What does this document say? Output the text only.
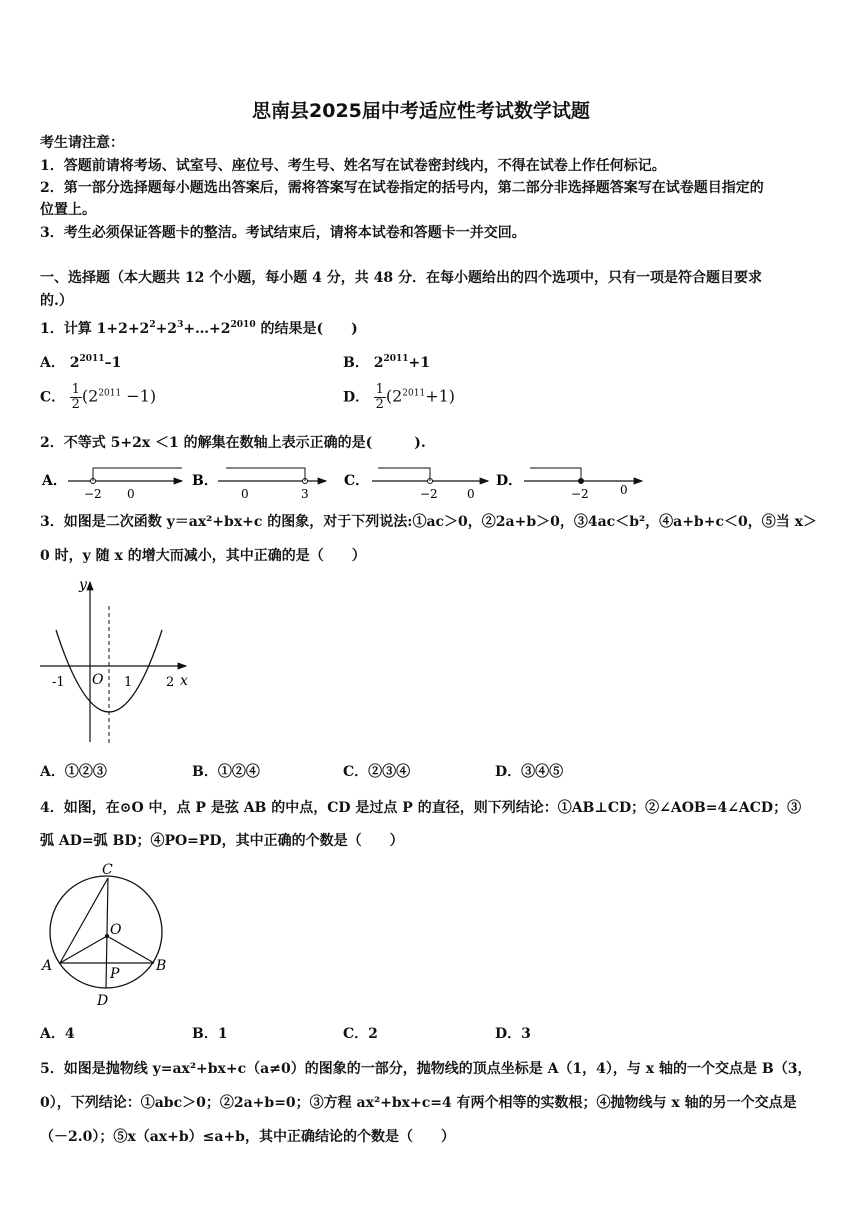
思南县2025届中考适应性考试数学试题
考生请注意：
1．答题前请将考场、试室号、座位号、考生号、姓名写在试卷密封线内，不得在试卷上作任何标记。
2．第一部分选择题每小题选出答案后，需将答案写在试卷指定的括号内，第二部分非选择题答案写在试卷题目指定的
位置上。
3．考生必须保证答题卡的整洁。考试结束后，请将本试卷和答题卡一并交回。
一、选择题（本大题共 12 个小题，每小题 4 分，共 48 分．在每小题给出的四个选项中，只有一项是符合题目要求
的.）
1．计算 $1+2+2^2+2^3+\dots+2^{2010}$ 的结果是(　　)
A． $2^{2011}-1$	B． $2^{2011}+1$
C． $\frac{1}{2} (2^{2011} -1)$	D． $\frac{1}{2} (2^{2011}+1)$
2．不等式 5+2x ＜1 的解集在数轴上表示正确的是(　　　).
A．
−2 0
B．
0	3
C．
−2 0
D．
−2	0
3．如图是二次函数 y＝ax²+bx+c 的图象，对于下列说法:①ac＞0，②2a+b＞0，③4ac＜b²，④a+b+c＜0，⑤当 x＞
0 时，y 随 x 的增大而减小，其中正确的是（　　）
y
x
O
-1	1	2
A．①②③	B．①②④	C．②③④	D．③④⑤
4．如图，在⊙O 中，点 P 是弦 AB 的中点，CD 是过点 P 的直径，则下列结论：①AB⊥CD；②∠AOB=4∠ACD；③
弧 AD=弧 BD；④PO=PD，其中正确的个数是（　　）
C
O
A	B
P
D
A．4	B．1	C．2	D．3
5．如图是抛物线 y=ax²+bx+c（a≠0）的图象的一部分，抛物线的顶点坐标是 A（1，4），与 x 轴的一个交点是 B（3，
0），下列结论：①abc＞0；②2a+b=0；③方程 ax²+bx+c=4 有两个相等的实数根；④抛物线与 x 轴的另一个交点是
（－2.0）；⑤x（ax+b）≤a+b，其中正确结论的个数是（　　）
